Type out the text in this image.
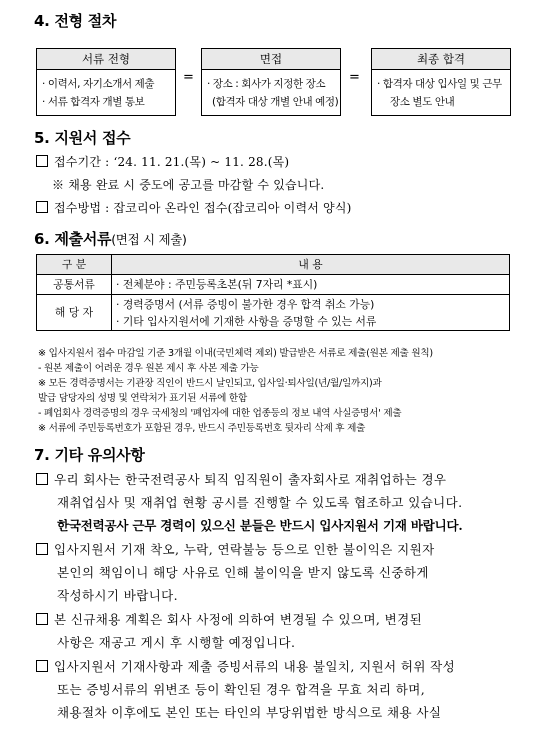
4. 전형 절차
서류 전형
· 이력서, 자기소개서 제출
· 서류 합격자 개별 통보
=
면접
· 장소 : 회사가 지정한 장소
(합격자 대상 개별 안내 예정)
=
최종 합격
· 합격자 대상 입사일 및 근무
장소 별도 안내
5. 지원서 접수
접수기간 : ‘24. 11. 21.(목) ~ 11. 28.(목)
※ 채용 완료 시 중도에 공고를 마감할 수 있습니다.
접수방법 : 잡코리아 온라인 접수(잡코리아 이력서 양식)
6. 제출서류(면접 시 제출)
구 분	내 용
공통서류	· 전체분야 : 주민등록초본(뒤 7자리 *표시)
해 당 자	· 경력증명서 (서류 증빙이 불가한 경우 합격 취소 가능)
· 기타 입사지원서에 기재한 사항을 증명할 수 있는 서류
※ 입사지원서 접수 마감일 기준 3개월 이내(국민체력 제외) 발급받은 서류로 제출(원본 제출 원칙)
- 원본 제출이 어려운 경우 원본 제시 후 사본 제출 가능
※ 모든 경력증명서는 기관장 직인이 반드시 날인되고, 입사일·퇴사일(년/월/일까지)과
발급 담당자의 성명 및 연락처가 표기된 서류에 한함
- 폐업회사 경력증명의 경우 국세청의 '폐업자에 대한 업종등의 정보 내역 사실증명서' 제출
※ 서류에 주민등록번호가 포함된 경우, 반드시 주민등록번호 뒷자리 삭제 후 제출
7. 기타 유의사항
우리 회사는 한국전력공사 퇴직 임직원이 출자회사로 재취업하는 경우
재취업심사 및 재취업 현황 공시를 진행할 수 있도록 협조하고 있습니다.
한국전력공사 근무 경력이 있으신 분들은 반드시 입사지원서 기재 바랍니다.
입사지원서 기재 착오, 누락, 연락불능 등으로 인한 불이익은 지원자
본인의 책임이니 해당 사유로 인해 불이익을 받지 않도록 신중하게
작성하시기 바랍니다.
본 신규채용 계획은 회사 사정에 의하여 변경될 수 있으며, 변경된
사항은 재공고 게시 후 시행할 예정입니다.
입사지원서 기재사항과 제출 증빙서류의 내용 불일치, 지원서 허위 작성
또는 증빙서류의 위변조 등이 확인된 경우 합격을 무효 처리 하며,
채용절차 이후에도 본인 또는 타인의 부당위법한 방식으로 채용 사실
